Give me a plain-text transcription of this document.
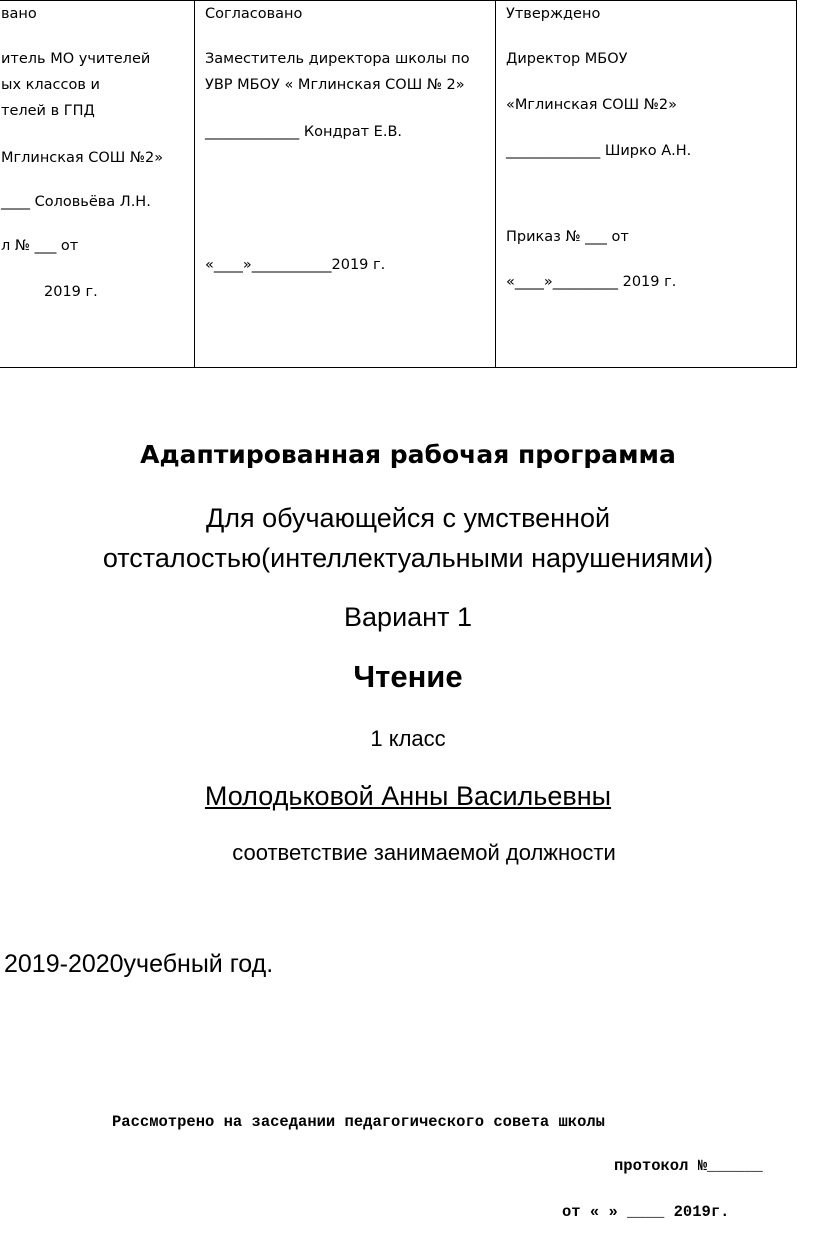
вано
итель МО учителей
ых классов и
телей в ГПД
Мглинская СОШ №2»
____ Соловьёва Л.Н.
л № ___ от
2019 г.

Согласовано
Заместитель директора школы по
УВР МБОУ « Мглинская СОШ № 2»
_____________ Кондрат Е.В.
«____»___________2019 г.

Утверждено
Директор МБОУ
«Мглинская СОШ №2»
_____________ Ширко А.Н.
Приказ № ___ от
«____»_________ 2019 г.
Адаптированная рабочая программа
Для обучающейся с умственной
отсталостью(интеллектуальными нарушениями)
Вариант 1
Чтение
1 класс
Молодьковой Анны Васильевны
соответствие занимаемой должности
2019-2020учебный год.
Рассмотрено на заседании педагогического совета школы
протокол №______
от « » ____ 2019г.
